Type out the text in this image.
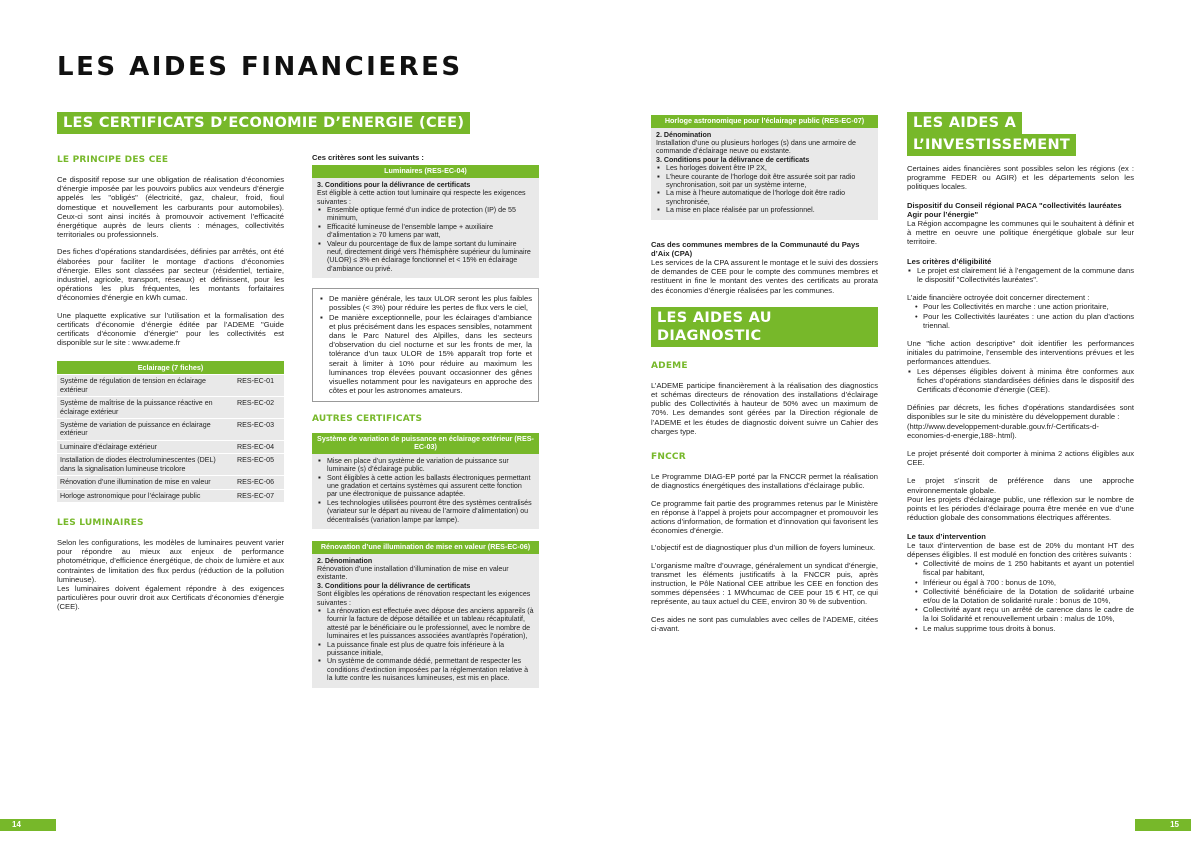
LES AIDES FINANCIERES
LES CERTIFICATS D’ECONOMIE D’ENERGIE (CEE)
LE PRINCIPE DES CEE

Ce dispositif repose sur une obligation de réalisation d’économies d’énergie imposée par les pouvoirs publics aux vendeurs d’énergie appelés les "obligés" (électricité, gaz, chaleur, froid, fioul domestique et nouvellement les carburants pour automobiles). Ceux-ci sont ainsi incités à promouvoir activement l’efficacité énergétique auprès de leurs clients : ménages, collectivités territoriales ou professionnels.

Des fiches d’opérations standardisées, définies par arrêtés, ont été élaborées pour faciliter le montage d’actions d’économies d’énergie. Elles sont classées par secteur (résidentiel, tertiaire, industriel, agricole, transport, réseaux) et définissent, pour les opérations les plus fréquentes, les montants forfaitaires d’économies d’énergie en kWh cumac.

Une plaquette explicative sur l’utilisation et la formalisation des certificats d’économie d’énergie éditée par l’ADEME "Guide certificats d’économie d’énergie" pour les collectivités est disponible sur le site : www.ademe.fr

Eclairage (7 fiches)	
Système de régulation de tension en éclairage extérieur	RES-EC-01
Système de maîtrise de la puissance réactive en éclairage extérieur	RES-EC-02
Système de variation de puissance en éclairage extérieur	RES-EC-03
Luminaire d’éclairage extérieur	RES-EC-04
Installation de diodes électroluminescentes (DEL) dans la signalisation lumineuse tricolore	RES-EC-05
Rénovation d’une illumination de mise en valeur	RES-EC-06
Horloge astronomique pour l’éclairage public	RES-EC-07
LES LUMINAIRES

Selon les configurations, les modèles de luminaires peuvent varier pour répondre au mieux aux enjeux de performance photométrique, d’efficience énergétique, de choix de lumière et aux contraintes de limitation des flux perdus (réduction de la pollution lumineuse).

Les luminaires doivent également répondre à des exigences particulières pour ouvrir droit aux Certificats d’économies d’énergie (CEE).

Ces critères sont les suivants :

Luminaires (RES-EC-04)

3. Conditions pour la délivrance de certificats

Est éligible à cette action tout luminaire qui respecte les exigences suivantes :

▪ Ensemble optique fermé d’un indice de protection (IP) de 55 minimum,
▪ Efficacité lumineuse de l’ensemble lampe + auxiliaire d’alimentation ≥ 70 lumens par watt,
▪ Valeur du pourcentage de flux de lampe sortant du luminaire neuf, directement dirigé vers l’hémisphère supérieur du luminaire (ULOR) ≤ 3% en éclairage fonctionnel et < 15% en éclairage d’ambiance ou privé.
▪ De manière générale, les taux ULOR seront les plus faibles possibles (< 3%) pour réduire les pertes de flux vers le ciel,
▪ De manière exceptionnelle, pour les éclairages d’ambiance et plus précisément dans les espaces sensibles, notamment dans le Parc Naturel des Alpilles, dans les secteurs d’observation du ciel nocturne et sur les fronts de mer, la tolérance d’un taux ULOR de 15% apparaît trop forte et serait à limiter à 10% pour réduire au maximum les luminances trop élevées pouvant occasionner des gênes visuelles notamment pour les navigateurs en approche des côtes et pour les astronomes amateurs.
AUTRES CERTIFICATS
Système de variation de puissance en éclairage extérieur (RES-EC-03)
▪ Mise en place d’un système de variation de puissance sur luminaire (s) d’éclairage public.
▪ Sont éligibles à cette action les ballasts électroniques permettant une gradation et certains systèmes qui assurent cette fonction par une électronique de puissance adaptée.
▪ Les technologies utilisées pourront être des systèmes centralisés (variateur sur le départ au niveau de l’armoire d’alimentation) ou décentralisés (variation lampe par lampe).
Rénovation d’une illumination de mise en valeur (RES-EC-06)

2. Dénomination

Rénovation d’une installation d’illumination de mise en valeur existante.

3. Conditions pour la délivrance de certificats

Sont éligibles les opérations de rénovation respectant les exigences suivantes :

▪ La rénovation est effectuée avec dépose des anciens appareils (à fournir la facture de dépose détaillée et un tableau récapitulatif, attesté par le bénéficiaire ou le professionnel, avec le nombre de luminaires et les puissances associées avant/après l’opération),
▪ La puissance finale est plus de quatre fois inférieure à la puissance initiale,
▪ Un système de commande dédié, permettant de respecter les conditions d’extinction imposées par la réglementation relative à la lutte contre les nuisances lumineuses, est mis en place.
Horloge astronomique pour l’éclairage public (RES-EC-07)

2. Dénomination

Installation d’une ou plusieurs horloges (s) dans une armoire de commande d’éclairage neuve ou existante.

3. Conditions pour la délivrance de certificats

▪ Les horloges doivent être IP 2X,
▪ L’heure courante de l’horloge doit être assurée soit par radio synchronisation, soit par un système interne,
▪ La mise à l’heure automatique de l’horloge doit être radio synchronisée,
▪ La mise en place réalisée par un professionnel.

Cas des communes membres de la Communauté du Pays d’Aix (CPA)

Les services de la CPA assurent le montage et le suivi des dossiers de demandes de CEE pour le compte des communes membres et restituent in fine le montant des ventes des certificats au prorata des économies d’énergie réalisées par les communes.

LES AIDES AU DIAGNOSTIC
ADEME

L’ADEME participe financièrement à la réalisation des diagnostics et schémas directeurs de rénovation des installations d’éclairage public des Collectivités à hauteur de 50% avec un maximum de 70%. Les demandes sont gérées par la Direction régionale de l’ADEME et les études de diagnostic doivent suivre un Cahier des charges type.

FNCCR

Le Programme DIAG-EP porté par la FNCCR permet la réalisation de diagnostics énergétiques des installations d’éclairage public.

Ce programme fait partie des programmes retenus par le Ministère en réponse à l’appel à projets pour accompagner et promouvoir les actions d’information, de formation et d’innovation qui favorisent les économies d’énergie.

L’objectif est de diagnostiquer plus d’un million de foyers lumineux.

L’organisme maître d’ouvrage, généralement un syndicat d’énergie, transmet les éléments justificatifs à la FNCCR puis, après instruction, le Pôle National CEE attribue les CEE en fonction des sommes dépensées : 1 MWhcumac de CEE pour 15 € HT, ce qui représente, au taux actuel du CEE, environ 30 % de subvention.

Ces aides ne sont pas cumulables avec celles de l’ADEME, citées ci-avant.

LES AIDES A
L’INVESTISSEMENT

Certaines aides financières sont possibles selon les régions (ex : programme FEDER ou AGIR) et les départements selon les politiques locales.

Dispositif du Conseil régional PACA "collectivités lauréates Agir pour l’énergie"

La Région accompagne les communes qui le souhaitent à définir et à mettre en oeuvre une politique énergétique globale sur leur territoire.

Les critères d’éligibilité

▪ Le projet est clairement lié à l’engagement de la commune dans le dispositif "Collectivités lauréates".

L’aide financière octroyée doit concerner directement :

• Pour les Collectivités en marche : une action prioritaire,
• Pour les Collectivités lauréates : une action du plan d’actions triennal.

Une "fiche action descriptive" doit identifier les performances initiales du patrimoine, l’ensemble des interventions prévues et les performances attendues.

▪ Les dépenses éligibles doivent à minima être conformes aux fiches d’opérations standardisées définies dans le dispositif des Certificats d’économie d’énergie (CEE).

Définies par décrets, les fiches d’opérations standardisées sont disponibles sur le site du ministère du développement durable :

(http://www.developpement-durable.gouv.fr/-Certificats-d-economies-d-energie,188-.html).

Le projet présenté doit comporter à minima 2 actions éligibles aux CEE.

Le projet s’inscrit de préférence dans une approche environnementale globale.

Pour les projets d’éclairage public, une réflexion sur le nombre de points et les périodes d’éclairage pourra être menée en vue d’une réduction globale des consommations électriques afférentes.

Le taux d’intervention

Le taux d’intervention de base est de 20% du montant HT des dépenses éligibles. Il est modulé en fonction des critères suivants :

• Collectivité de moins de 1 250 habitants et ayant un potentiel fiscal par habitant,
• Inférieur ou égal à 700 : bonus de 10%,
• Collectivité bénéficiaire de la Dotation de solidarité urbaine et/ou de la Dotation de solidarité rurale : bonus de 10%,
• Collectivité ayant reçu un arrêté de carence dans le cadre de la loi Solidarité et renouvellement urbain : malus de 10%,
• Le malus supprime tous droits à bonus.
14	15
